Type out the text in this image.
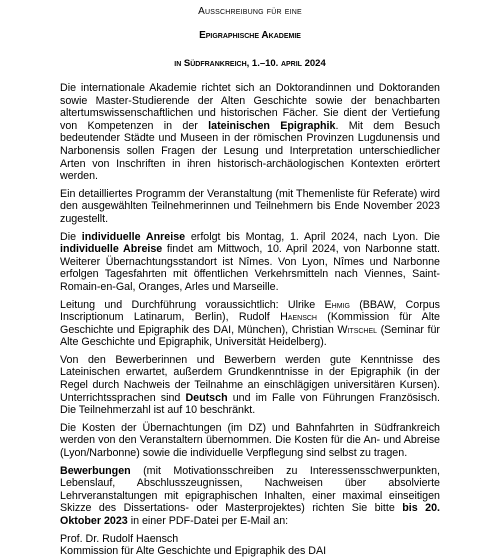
Ausschreibung für eine
Epigraphische Akademie
in Südfrankreich, 1.–10. april 2024

Die internationale Akademie richtet sich an Doktorandinnen und Doktoranden sowie Master-Studierende der Alten Geschichte sowie der benachbarten altertumswissenschaftlichen und historischen Fächer. Sie dient der Vertiefung von Kompetenzen in der lateinischen Epigraphik. Mit dem Besuch bedeutender Städte und Museen in der römischen Provinzen Lugdunensis und Narbonensis sollen Fragen der Lesung und Interpretation unterschiedlicher Arten von Inschriften in ihren historisch-archäologischen Kontexten erörtert werden.

Ein detailliertes Programm der Veranstaltung (mit Themenliste für Referate) wird den ausgewählten Teilnehmerinnen und Teilnehmern bis Ende November 2023 zugestellt.

Die individuelle Anreise erfolgt bis Montag, 1. April 2024, nach Lyon. Die individuelle Abreise findet am Mittwoch, 10. April 2024, von Narbonne statt. Weiterer Übernachtungsstandort ist Nîmes. Von Lyon, Nîmes und Narbonne erfolgen Tagesfahrten mit öffentlichen Verkehrsmitteln nach Viennes, Saint-Romain-en-Gal, Oranges, Arles und Marseille.

Leitung und Durchführung voraussichtlich: Ulrike Ehmig (BBAW, Corpus Inscriptionum Latinarum, Berlin), Rudolf Haensch (Kommission für Alte Geschichte und Epigraphik des DAI, München), Christian Witschel (Seminar für Alte Geschichte und Epigraphik, Universität Heidelberg).

Von den Bewerberinnen und Bewerbern werden gute Kenntnisse des Lateinischen erwartet, außerdem Grundkenntnisse in der Epigraphik (in der Regel durch Nachweis der Teilnahme an einschlägigen universitären Kursen). Unterrichtssprachen sind Deutsch und im Falle von Führungen Französisch. Die Teilnehmerzahl ist auf 10 beschränkt.

Die Kosten der Übernachtungen (im DZ) und Bahnfahrten in Südfrankreich werden von den Veranstaltern übernommen. Die Kosten für die An- und Abreise (Lyon/Narbonne) sowie die individuelle Verpflegung sind selbst zu tragen.

Bewerbungen (mit Motivationsschreiben zu Interessensschwerpunkten, Lebenslauf, Abschlusszeugnissen, Nachweisen über absolvierte Lehrveranstaltungen mit epigraphischen Inhalten, einer maximal einseitigen Skizze des Dissertations- oder Masterprojektes) richten Sie bitte bis 20. Oktober 2023 in einer PDF-Datei per E-Mail an:

Prof. Dr. Rudolf Haensch

Kommission für Alte Geschichte und Epigraphik des DAI
